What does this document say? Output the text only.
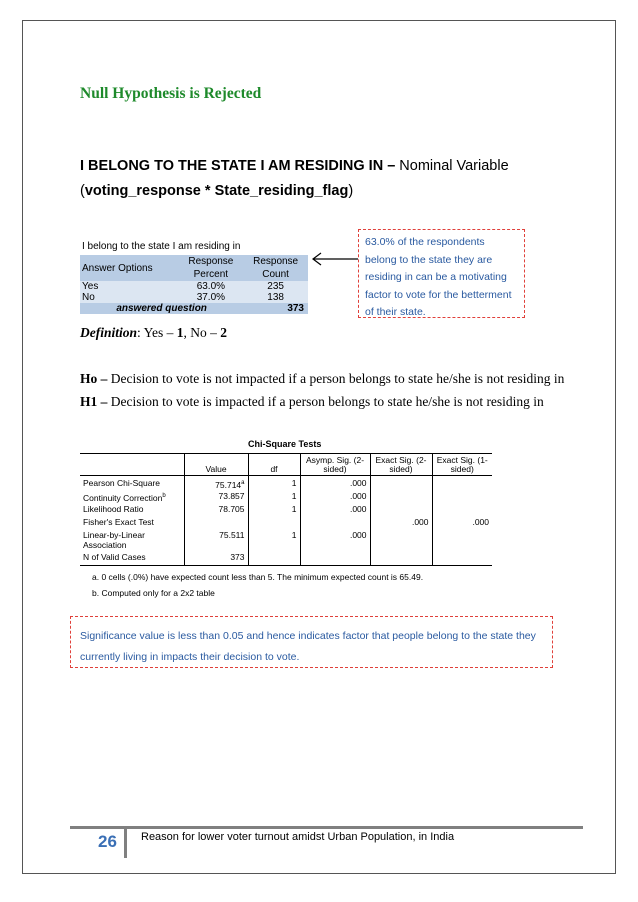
Null Hypothesis is Rejected
I BELONG TO THE STATE I AM RESIDING IN – Nominal Variable
(voting_response * State_residing_flag)
I belong to the state I am residing in
Answer Options	Response	Response
	Percent	Count
Yes	63.0%	235
No	37.0%	138
answered question		373
63.0% of the respondents belong to the state they are residing in can be a motivating factor to vote for the betterment of their state.
Definition: Yes – 1, No – 2
Ho – Decision to vote is not impacted if a person belongs to state he/she is not residing in
H1 – Decision to vote is impacted if a person belongs to state he/she is not residing in
Chi-Square Tests
	Value	df	Asymp. Sig. (2-sided)	Exact Sig. (2-sided)	Exact Sig. (1-sided)
Pearson Chi-Square	75.714$^a$	1	.000		
Continuity Correction$^b$	73.857	1	.000		
Likelihood Ratio	78.705	1	.000		
Fisher's Exact Test				.000	.000
Linear-by-Linear Association	75.511	1	.000		
N of Valid Cases	373				
a. 0 cells (.0%) have expected count less than 5. The minimum expected count is 65.49.
b. Computed only for a 2x2 table
Significance value is less than 0.05 and hence indicates factor that people belong to the state they currently living in impacts their decision to vote.
26 Reason for lower voter turnout amidst Urban Population, in India
